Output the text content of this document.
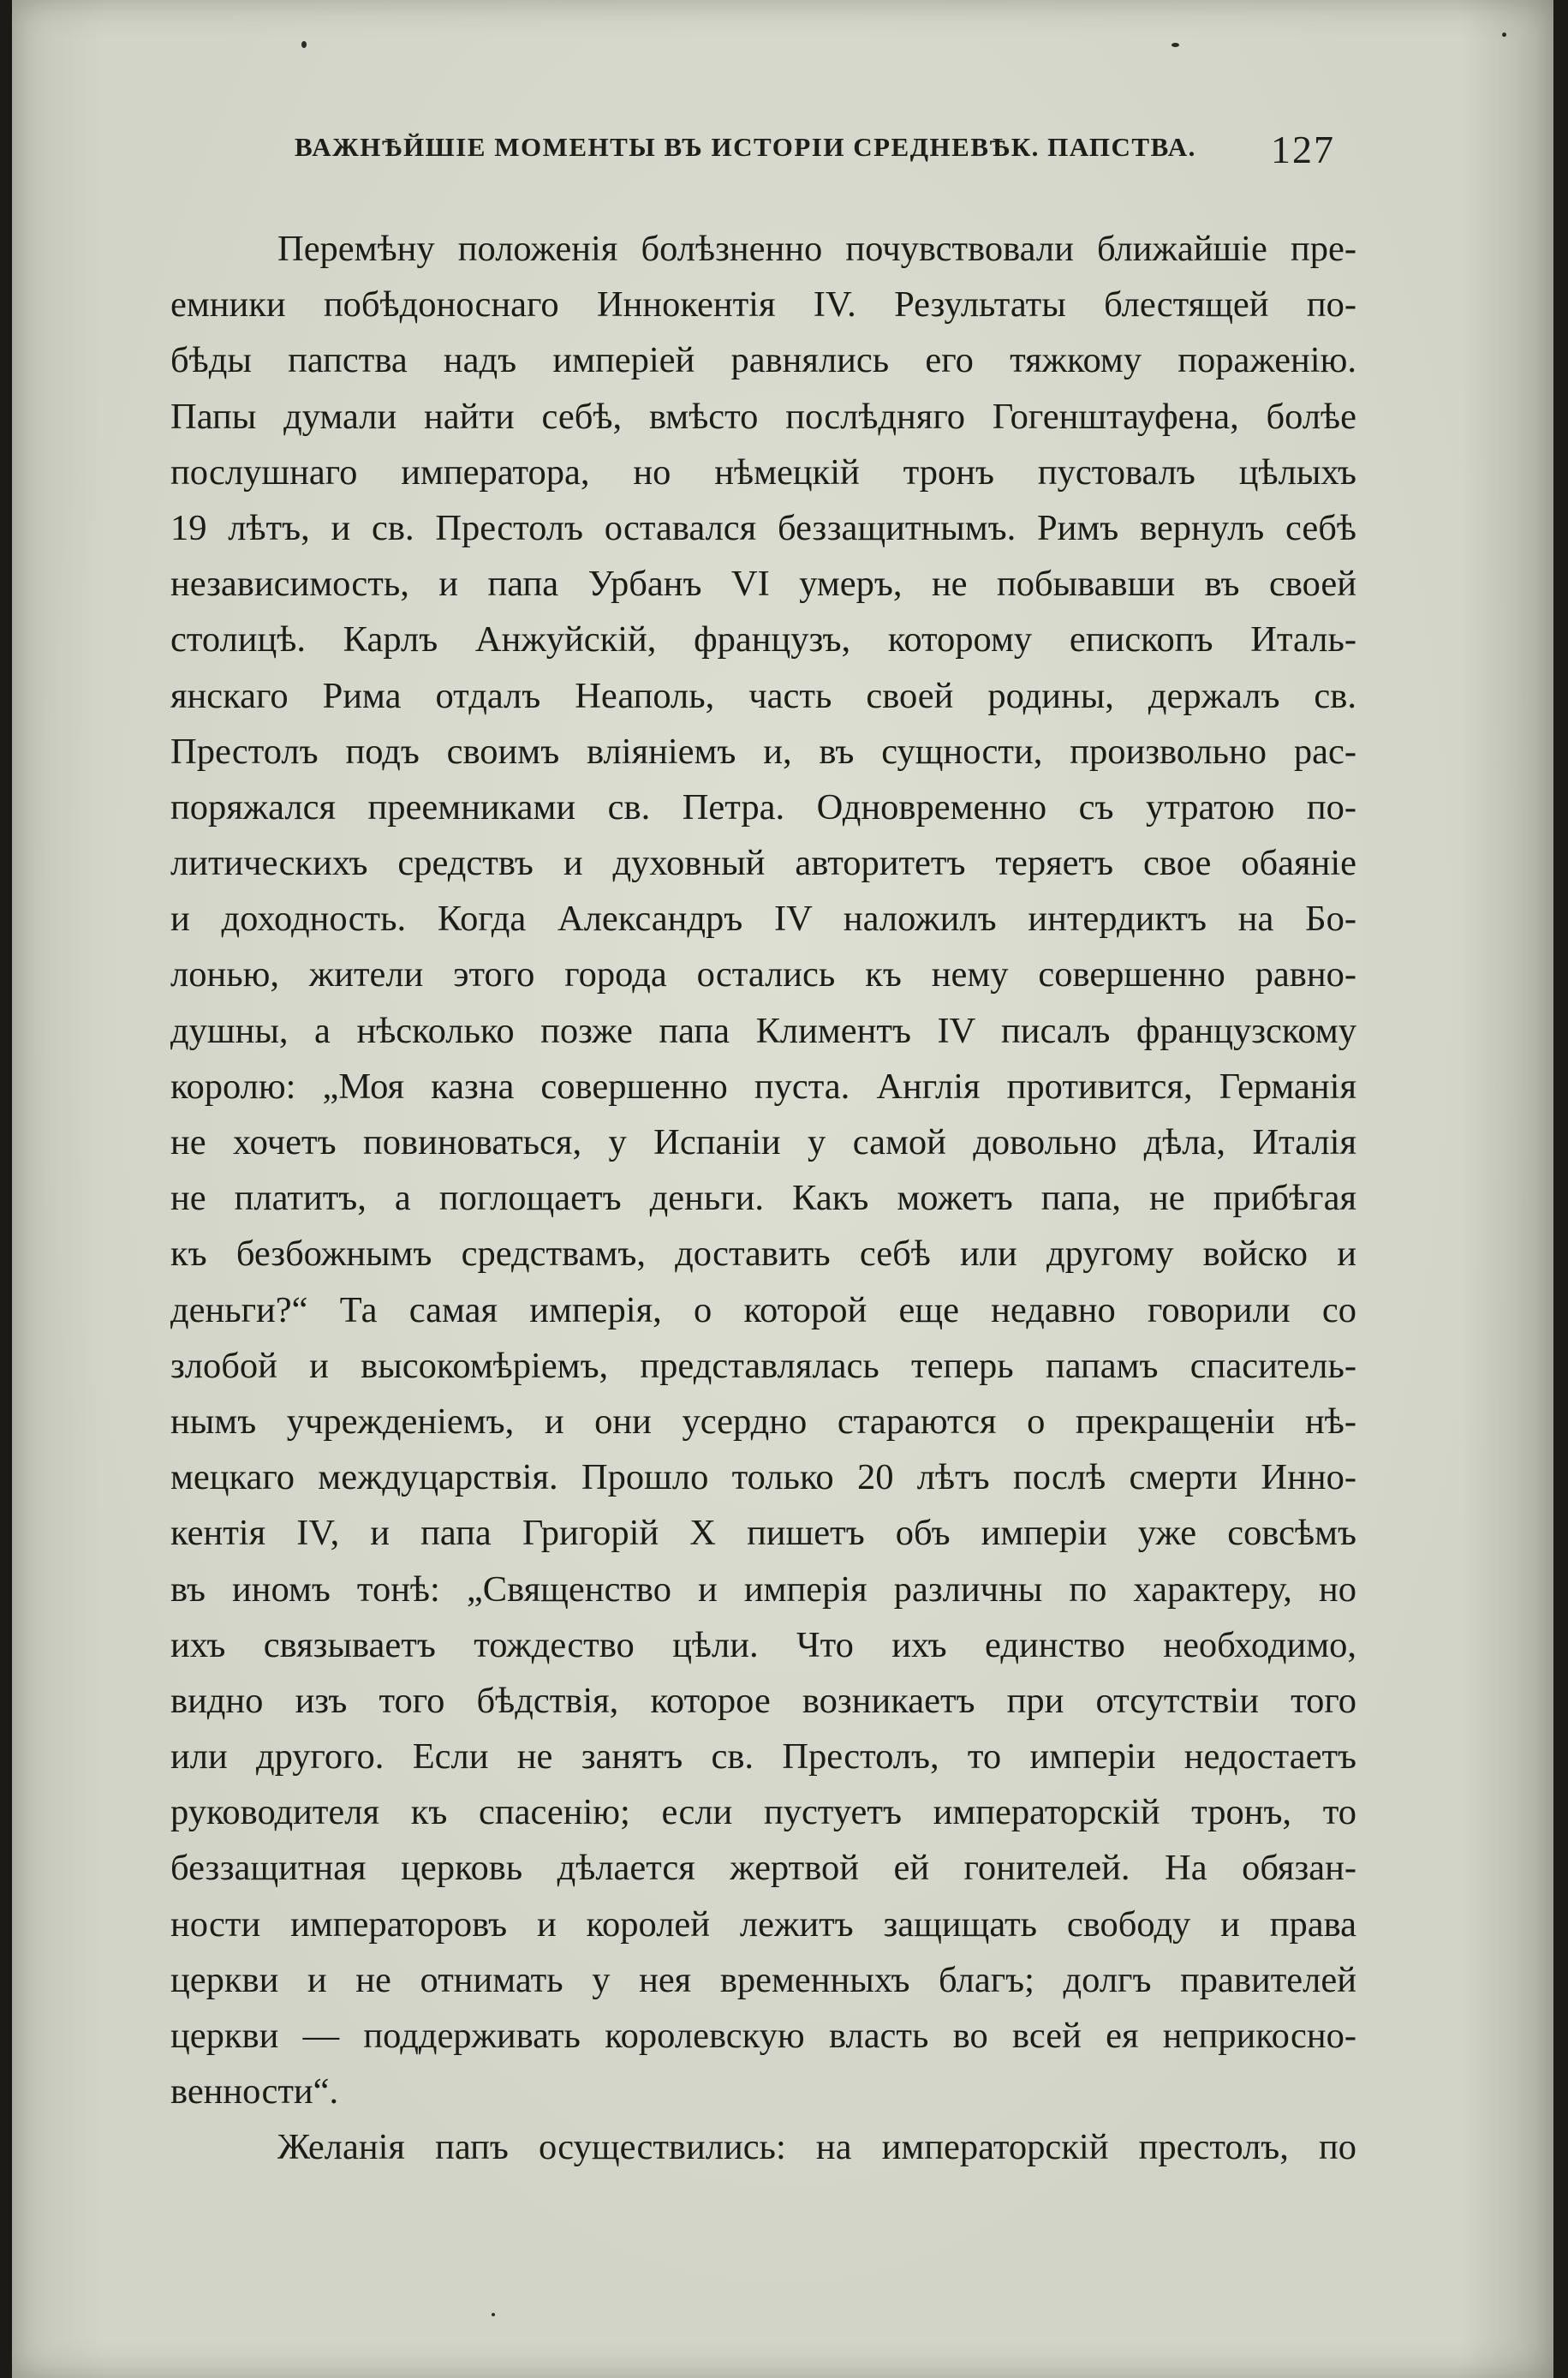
ВАЖНѢЙШІЕ МОМЕНТЫ ВЪ ИСТОРІИ СРЕДНЕВѢК. ПАПСТВА. 127
Перемѣну положенія болѣзненно почувствовали ближайшіе пре-
емники побѣдоноснаго Иннокентія IV. Результаты блестящей по-
бѣды папства надъ имперіей равнялись его тяжкому пораженію.
Папы думали найти себѣ, вмѣсто послѣдняго Гогенштауфена, болѣе
послушнаго императора, но нѣмецкій тронъ пустовалъ цѣлыхъ
19 лѣтъ, и св. Престолъ оставался беззащитнымъ. Римъ вернулъ себѣ
независимость, и папа Урбанъ VI умеръ, не побывавши въ своей
столицѣ. Карлъ Анжуйскій, французъ, которому епископъ Италь-
янскаго Рима отдалъ Неаполь, часть своей родины, держалъ св.
Престолъ подъ своимъ вліяніемъ и, въ сущности, произвольно рас-
поряжался преемниками св. Петра. Одновременно съ утратою по-
литическихъ средствъ и духовный авторитетъ теряетъ свое обаяніе
и доходность. Когда Александръ IV наложилъ интердиктъ на Бо-
лонью, жители этого города остались къ нему совершенно равно-
душны, а нѣсколько позже папа Климентъ IV писалъ французскому
королю: „Моя казна совершенно пуста. Англія противится, Германія
не хочетъ повиноваться, у Испаніи у самой довольно дѣла, Италія
не платитъ, а поглощаетъ деньги. Какъ можетъ папа, не прибѣгая
къ безбожнымъ средствамъ, доставить себѣ или другому войско и
деньги?“ Та самая имперія, о которой еще недавно говорили со
злобой и высокомѣріемъ, представлялась теперь папамъ спаситель-
нымъ учрежденіемъ, и они усердно стараются о прекращеніи нѣ-
мецкаго междуцарствія. Прошло только 20 лѣтъ послѣ смерти Инно-
кентія IV, и папа Григорій X пишетъ объ имперіи уже совсѣмъ
въ иномъ тонѣ: „Священство и имперія различны по характеру, но
ихъ связываетъ тождество цѣли. Что ихъ единство необходимо,
видно изъ того бѣдствія, которое возникаетъ при отсутствіи того
или другого. Если не занятъ св. Престолъ, то имперіи недостаетъ
руководителя къ спасенію; если пустуетъ императорскій тронъ, то
беззащитная церковь дѣлается жертвой ей гонителей. На обязан-
ности императоровъ и королей лежитъ защищать свободу и права
церкви и не отнимать у нея временныхъ благъ; долгъ правителей
церкви — поддерживать королевскую власть во всей ея неприкосно-
венности“.
Желанія папъ осуществились: на императорскій престолъ, по
